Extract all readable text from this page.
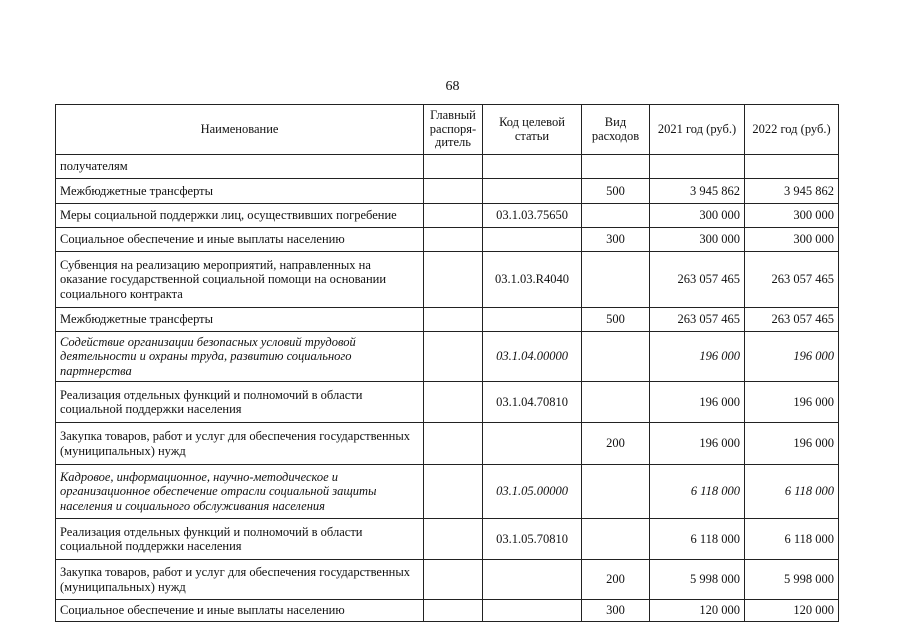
68
Наименование	Главный распоря-дитель	Код целевой статьи	Вид расходов	2021 год (руб.)	2022 год (руб.)
получателям					
Межбюджетные трансферты			500	3 945 862	3 945 862
Меры социальной поддержки лиц, осуществивших погребение		03.1.03.75650		300 000	300 000
Социальное обеспечение и иные выплаты населению			300	300 000	300 000
Субвенция на реализацию мероприятий, направленных на оказание государственной социальной помощи на основании социального контракта		03.1.03.R4040		263 057 465	263 057 465
Межбюджетные трансферты			500	263 057 465	263 057 465
Содействие организации безопасных условий трудовой деятельности и охраны труда, развитию социального партнерства		03.1.04.00000		196 000	196 000
Реализация отдельных функций и полномочий в области социальной поддержки населения		03.1.04.70810		196 000	196 000
Закупка товаров, работ и услуг для обеспечения государственных (муниципальных) нужд			200	196 000	196 000
Кадровое, информационное, научно-методическое и организационное обеспечение отрасли социальной защиты населения и социального обслуживания населения		03.1.05.00000		6 118 000	6 118 000
Реализация отдельных функций и полномочий в области социальной поддержки населения		03.1.05.70810		6 118 000	6 118 000
Закупка товаров, работ и услуг для обеспечения государственных (муниципальных) нужд			200	5 998 000	5 998 000
Социальное обеспечение и иные выплаты населению			300	120 000	120 000
